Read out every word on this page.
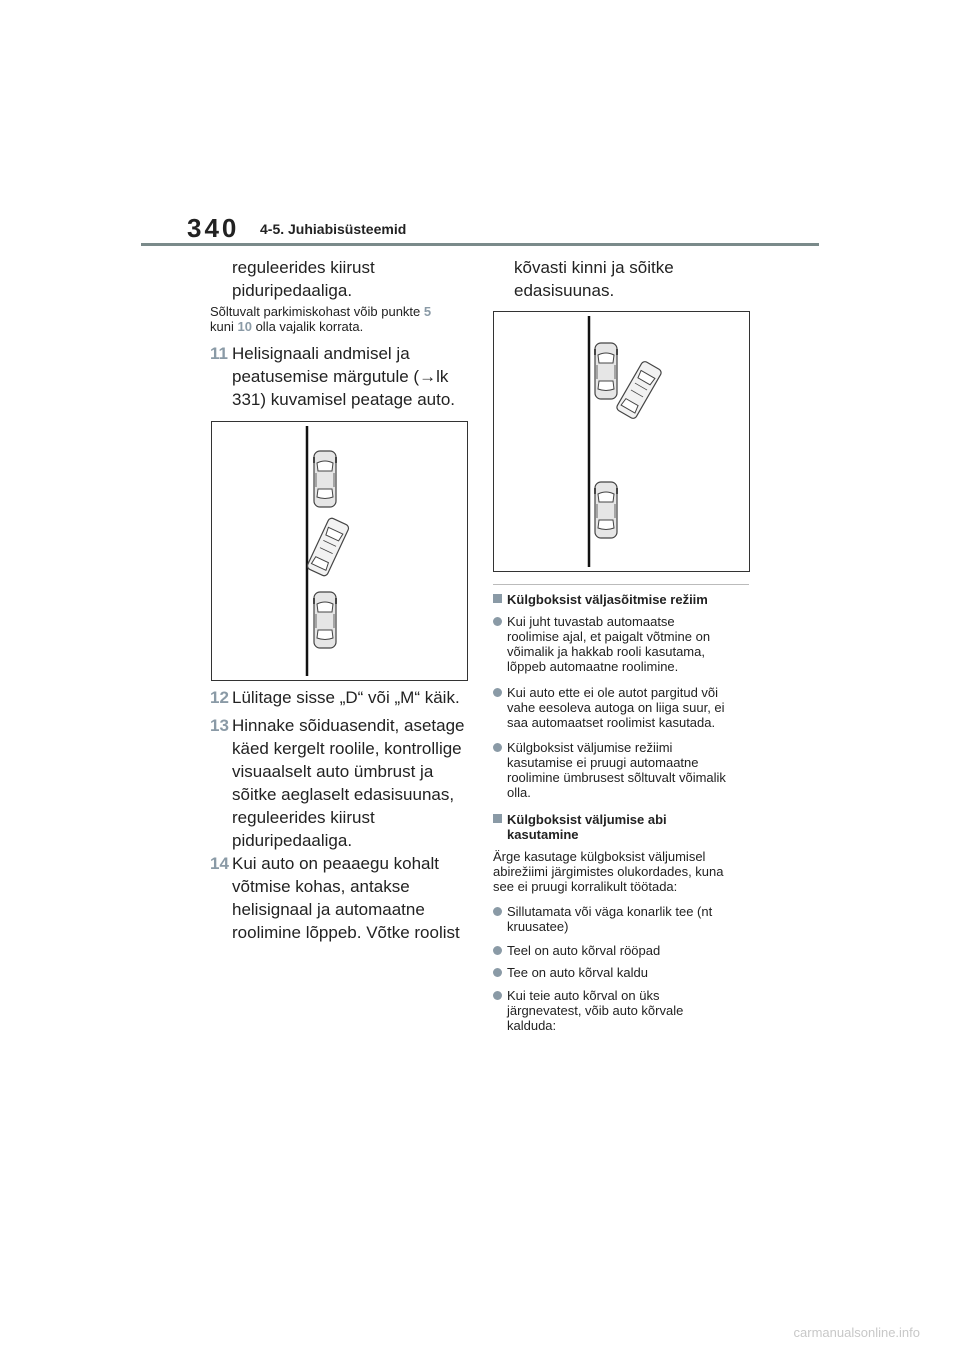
340 4-5. Juhiabisüsteemid
reguleerides kiirust
piduripedaaliga.
Sõltuvalt parkimiskohast võib punkte 5
kuni 10 olla vajalik korrata.
11 Helisignaali andmisel ja
peatusemise märgutule (→lk
331) kuvamisel peatage auto.
12 Lülitage sisse „D“ või „M“ käik.
13 Hinnake sõiduasendit, asetage
käed kergelt roolile, kontrollige
visuaalselt auto ümbrust ja
sõitke aeglaselt edasisuunas,
reguleerides kiirust
piduripedaaliga.
14 Kui auto on peaaegu kohalt
võtmise kohas, antakse
helisignaal ja automaatne
roolimine lõppeb. Võtke roolist
kõvasti kinni ja sõitke
edasisuunas.
Külgboksist väljasõitmise režiim
Kui juht tuvastab automaatse
roolimise ajal, et paigalt võtmine on
võimalik ja hakkab rooli kasutama,
lõppeb automaatne roolimine.
Kui auto ette ei ole autot pargitud või
vahe eesoleva autoga on liiga suur, ei
saa automaatset roolimist kasutada.
Külgboksist väljumise režiimi
kasutamise ei pruugi automaatne
roolimine ümbrusest sõltuvalt võimalik
olla.
Külgboksist väljumise abi
kasutamine
Ärge kasutage külgboksist väljumisel
abirežiimi järgimistes olukordades, kuna
see ei pruugi korralikult töötada:
Sillutamata või väga konarlik tee (nt
kruusatee)
Teel on auto kõrval rööpad
Tee on auto kõrval kaldu
Kui teie auto kõrval on üks
järgnevatest, võib auto kõrvale
kalduda:
carmanualsonline.info
